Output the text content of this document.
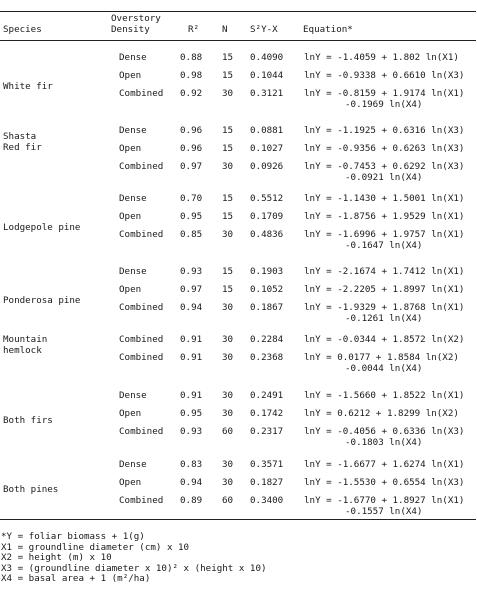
Species
Overstory
Density	R² N S²Y-X	Equation*
White fir
Dense	0.88 15 0.4090 lnY = -1.4059 + 1.802 ln(X1)
Open	0.98 15 0.1044 lnY = -0.9338 + 0.6610 ln(X3)
Combined 0.92 30 0.3121 lnY = -0.8159 + 1.9174 ln(X1)
-0.1969 ln(X4)
Shasta
Red fir
Dense	0.96 15 0.0881 lnY = -1.1925 + 0.6316 ln(X3)
Open	0.96 15 0.1027 lnY = -0.9356 + 0.6263 ln(X3)
Combined 0.97 30 0.0926 lnY = -0.7453 + 0.6292 ln(X3)
-0.0921 ln(X4)
Lodgepole pine
Dense	0.70 15 0.5512 lnY = -1.1430 + 1.5001 ln(X1)
Open	0.95 15 0.1709 lnY = -1.8756 + 1.9529 ln(X1)
Combined 0.85 30 0.4836 lnY = -1.6996 + 1.9757 ln(X1)
-0.1647 ln(X4)
Ponderosa pine
Dense	0.93 15 0.1903 lnY = -2.1674 + 1.7412 ln(X1)
Open	0.97 15 0.1052 lnY = -2.2205 + 1.8997 ln(X1)
Combined 0.94 30 0.1867 lnY = -1.9329 + 1.8768 ln(X1)
-0.1261 ln(X4)
Mountain
hemlock
Combined 0.91 30 0.2284 lnY = -0.0344 + 1.8572 ln(X2)
Combined 0.91 30 0.2368 lnY = 0.0177 + 1.8584 ln(X2)
-0.0044 ln(X4)
Both firs
Dense	0.91 30 0.2491 lnY = -1.5660 + 1.8522 ln(X1)
Open	0.95 30 0.1742 lnY = 0.6212 + 1.8299 ln(X2)
Combined 0.93 60 0.2317 lnY = -0.4056 + 0.6336 ln(X3)
-0.1803 ln(X4)
Both pines
Dense	0.83 30 0.3571 lnY = -1.6677 + 1.6274 ln(X1)
Open	0.94 30 0.1827 lnY = -1.5530 + 0.6554 ln(X3)
Combined 0.89 60 0.3400 lnY = -1.6770 + 1.8927 ln(X1)
-0.1557 ln(X4)
*Y = foliar biomass + 1(g)
X1 = groundline diameter (cm) x 10
X2 = height (m) x 10
X3 = (groundline diameter x 10)² x (height x 10)
X4 = basal area + 1 (m²/ha)
